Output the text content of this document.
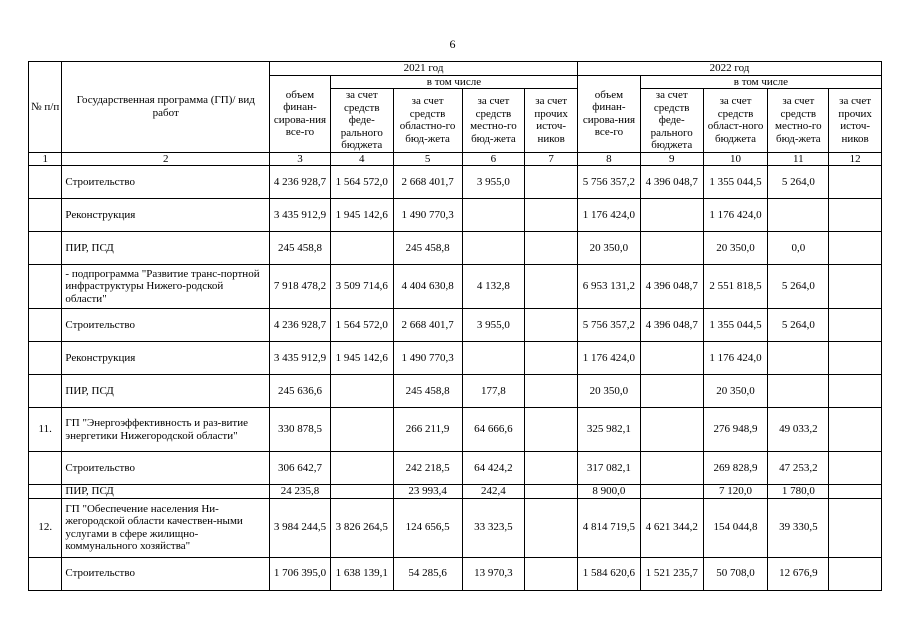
6
№ п/п	Государственная программа (ГП)/ вид работ	2021 год					2022 год				
		объем финан-сирова-ния все-го	в том числе				объем финан-сирова-ния все-го	в том числе			
			за счет средств феде-рального бюджета	за счет средств областно-го бюд-жета	за счет средств местно-го бюд-жета	за счет прочих источ-ников		за счет средств феде-рального бюджета	за счет средств област-ного бюджета	за счет средств местно-го бюд-жета	за счет прочих источ-ников
1	2	3	4	5	6	7	8	9	10	11	12
	Строительство	4 236 928,7	1 564 572,0	2 668 401,7	3 955,0		5 756 357,2	4 396 048,7	1 355 044,5	5 264,0	
	Реконструкция	3 435 912,9	1 945 142,6	1 490 770,3			1 176 424,0		1 176 424,0		
	ПИР, ПСД	245 458,8		245 458,8			20 350,0		20 350,0	0,0	
	- подпрограмма "Развитие транс-портной инфраструктуры Нижего-родской области"	7 918 478,2	3 509 714,6	4 404 630,8	4 132,8		6 953 131,2	4 396 048,7	2 551 818,5	5 264,0	
	Строительство	4 236 928,7	1 564 572,0	2 668 401,7	3 955,0		5 756 357,2	4 396 048,7	1 355 044,5	5 264,0	
	Реконструкция	3 435 912,9	1 945 142,6	1 490 770,3			1 176 424,0		1 176 424,0		
	ПИР, ПСД	245 636,6		245 458,8	177,8		20 350,0		20 350,0		
11.	ГП "Энергоэффективность и раз-витие энергетики Нижегородской области"	330 878,5		266 211,9	64 666,6		325 982,1		276 948,9	49 033,2	
	Строительство	306 642,7		242 218,5	64 424,2		317 082,1		269 828,9	47 253,2	
	ПИР, ПСД	24 235,8		23 993,4	242,4		8 900,0		7 120,0	1 780,0	
12.	ГП "Обеспечение населения Ни-жегородской области качествен-ными услугами в сфере жилищно-коммунального хозяйства"	3 984 244,5	3 826 264,5	124 656,5	33 323,5		4 814 719,5	4 621 344,2	154 044,8	39 330,5	
	Строительство	1 706 395,0	1 638 139,1	54 285,6	13 970,3		1 584 620,6	1 521 235,7	50 708,0	12 676,9	
